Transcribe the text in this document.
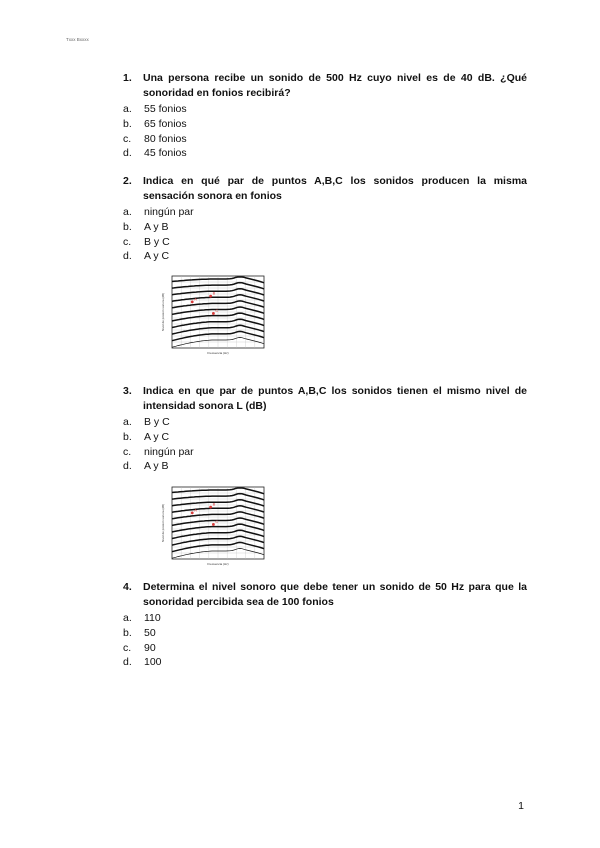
Txxx Bxxxx
1.	Una persona recibe un sonido de 500 Hz cuyo nivel es de 40 dB. ¿Qué sonoridad en fonios recibirá?
a.	55 fonios
b.	65 fonios
c.	80 fonios
d.	45 fonios
2.	Indica en qué par de puntos A,B,C los sonidos producen la misma sensación sonora en fonios
a.	ningún par
b.	A y B
c.	B y C
d.	A y C
A
B
C
Nivel de presión sonora (dB)
Frecuencia (Hz)
3.	Indica en que par de puntos A,B,C los sonidos tienen el mismo nivel de intensidad sonora L (dB)
a.	B y C
b.	A y C
c.	ningún par
d.	A y B
A
B
C
Nivel de presión sonora (dB)
Frecuencia (Hz)
4.	Determina el nivel sonoro que debe tener un sonido de 50 Hz para que la sonoridad percibida sea de 100 fonios
a.	110
b.	50
c.	90
d.	100
1
